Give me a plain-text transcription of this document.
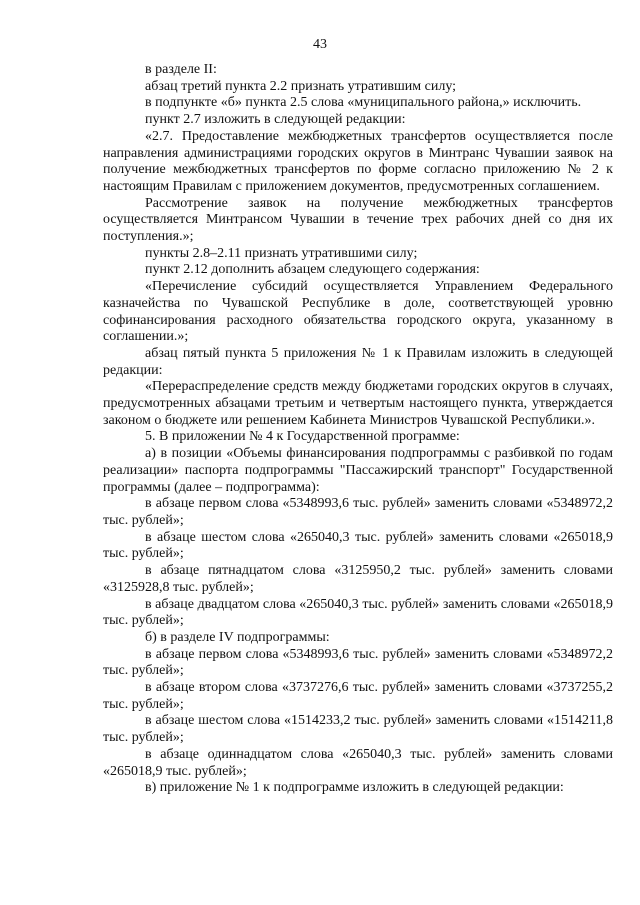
43

в разделе II:

абзац третий пункта 2.2 признать утратившим силу;

в подпункте «б» пункта 2.5 слова «муниципального района,» исключить.

пункт 2.7 изложить в следующей редакции:

«2.7. Предоставление межбюджетных трансфертов осуществляется после направления администрациями городских округов в Минтранс Чувашии заявок на получение межбюджетных трансфертов по форме согласно приложению № 2 к настоящим Правилам с приложением документов, предусмотренных соглашением.

Рассмотрение заявок на получение межбюджетных трансфертов осуществляется Минтрансом Чувашии в течение трех рабочих дней со дня их поступления.»;

пункты 2.8–2.11 признать утратившими силу;

пункт 2.12 дополнить абзацем следующего содержания:

«Перечисление субсидий осуществляется Управлением Федерального казначейства по Чувашской Республике в доле, соответствующей уровню софинансирования расходного обязательства городского округа, указанному в соглашении.»;

абзац пятый пункта 5 приложения № 1 к Правилам изложить в следующей редакции:

«Перераспределение средств между бюджетами городских округов в случаях, предусмотренных абзацами третьим и четвертым настоящего пункта, утверждается законом о бюджете или решением Кабинета Министров Чувашской Республики.».

5. В приложении № 4 к Государственной программе:

а) в позиции «Объемы финансирования подпрограммы с разбивкой по годам реализации» паспорта подпрограммы "Пассажирский транспорт" Государственной программы (далее – подпрограмма):

в абзаце первом слова «5348993,6 тыс. рублей» заменить словами «5348972,2 тыс. рублей»;

в абзаце шестом слова «265040,3 тыс. рублей» заменить словами «265018,9 тыс. рублей»;

в абзаце пятнадцатом слова «3125950,2 тыс. рублей» заменить словами «3125928,8 тыс. рублей»;

в абзаце двадцатом слова «265040,3 тыс. рублей» заменить словами «265018,9 тыс. рублей»;

б) в разделе IV подпрограммы:

в абзаце первом слова «5348993,6 тыс. рублей» заменить словами «5348972,2 тыс. рублей»;

в абзаце втором слова «3737276,6 тыс. рублей» заменить словами «3737255,2 тыс. рублей»;

в абзаце шестом слова «1514233,2 тыс. рублей» заменить словами «1514211,8 тыс. рублей»;

в абзаце одиннадцатом слова «265040,3 тыс. рублей» заменить словами «265018,9 тыс. рублей»;

в) приложение № 1 к подпрограмме изложить в следующей редакции:
